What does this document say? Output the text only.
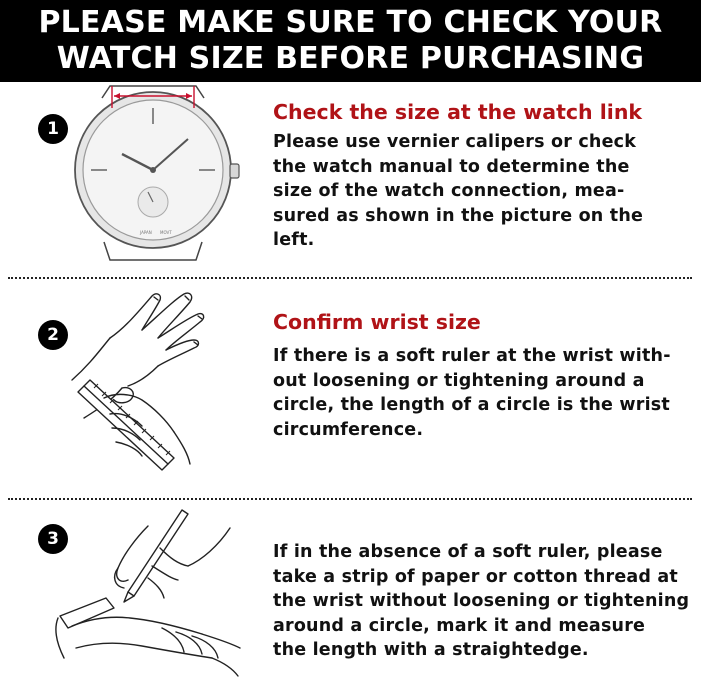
PLEASE MAKE SURE TO CHECK YOUR
WATCH SIZE BEFORE PURCHASING
1
JAPAN MOVT
Check the size at the watch link
Please use vernier calipers or check
the watch manual to determine the
size of the watch connection, mea-
sured as shown in the picture on the
left.
2
Confirm wrist size
If there is a soft ruler at the wrist with-
out loosening or tightening around a
circle, the length of a circle is the wrist
circumference.
3
If in the absence of a soft ruler, please
take a strip of paper or cotton thread at
the wrist without loosening or tightening
around a circle, mark it and measure
the length with a straightedge.
